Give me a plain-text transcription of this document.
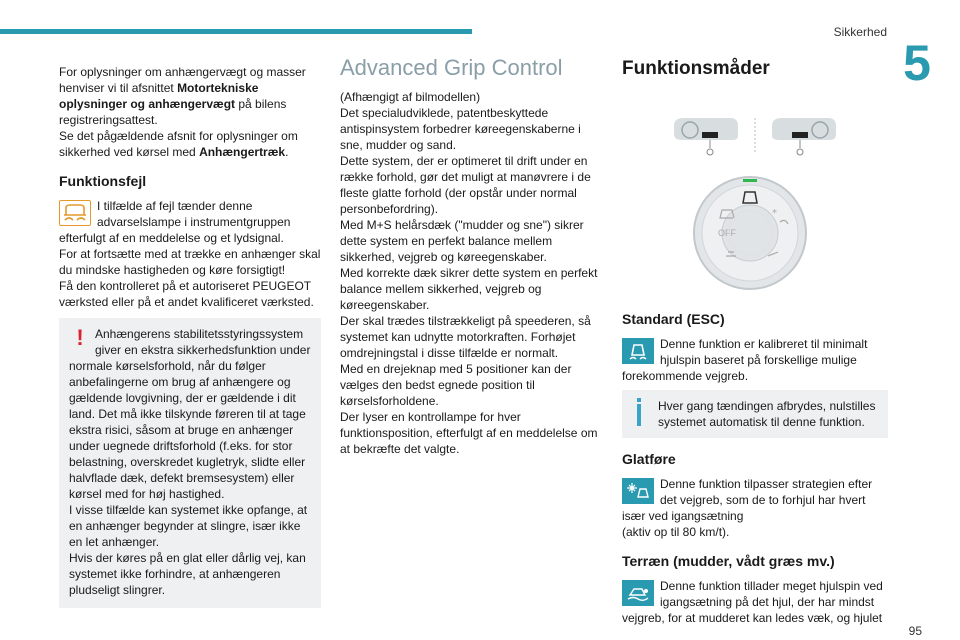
Sikkerhed
5
95

For oplysninger om anhængervægt og masser henviser vi til afsnittet Motortekniske oplysninger og anhængervægt på bilens registreringsattest.

Se det pågældende afsnit for oplysninger om sikkerhed ved kørsel med Anhængertræk.

Funktionsfejl

I tilfælde af fejl tænder denne advarselslampe i instrumentgruppen efterfulgt af en meddelelse og et lydsignal.

For at fortsætte med at trække en anhænger skal du mindske hastigheden og køre forsigtigt!

Få den kontrolleret på et autoriseret PEUGEOT værksted eller på et andet kvalificeret værksted.

! Anhængerens stabilitetsstyringssystem giver en ekstra sikkerhedsfunktion under normale kørselsforhold, når du følger anbefalingerne om brug af anhængere og gældende lovgivning, der er gældende i dit land. Det må ikke tilskynde føreren til at tage ekstra risici, såsom at bruge en anhænger under uegnede driftsforhold (f.eks. for stor belastning, overskredet kugletryk, slidte eller halvflade dæk, defekt bremsesystem) eller kørsel med for høj hastighed.

I visse tilfælde kan systemet ikke opfange, at en anhænger begynder at slingre, især ikke en let anhænger.

Hvis der køres på en glat eller dårlig vej, kan systemet ikke forhindre, at anhængeren pludseligt slingrer.

Advanced Grip Control

(Afhængigt af bilmodellen)

Det specialudviklede, patentbeskyttede antispinsystem forbedrer køreegenskaberne i sne, mudder og sand.

Dette system, der er optimeret til drift under en række forhold, gør det muligt at manøvrere i de fleste glatte forhold (der opstår under normal personbefordring).

Med M+S helårsdæk ("mudder og sne") sikrer dette system en perfekt balance mellem sikkerhed, vejgreb og køreegenskaber.

Med korrekte dæk sikrer dette system en perfekt balance mellem sikkerhed, vejgreb og køreegenskaber.

Der skal trædes tilstrækkeligt på speederen, så systemet kan udnytte motorkraften. Forhøjet omdrejningstal i disse tilfælde er normalt.

Med en drejeknap med 5 positioner kan der vælges den bedst egnede position til kørselsforholdene.

Der lyser en kontrollampe for hver funktionsposition, efterfulgt af en meddelelse om at bekræfte det valgte.

Funktionsmåder
OFF
*
Standard (ESC)

Denne funktion er kalibreret til minimalt hjulspin baseret på forskellige mulige forekommende vejgreb.

Hver gang tændingen afbrydes, nulstilles systemet automatisk til denne funktion.

Glatføre

Denne funktion tilpasser strategien efter det vejgreb, som de to forhjul har hvert især ved igangsætning

(aktiv op til 80 km/t).

Terræn (mudder, vådt græs mv.)

Denne funktion tillader meget hjulspin ved igangsætning på det hjul, der har mindst vejgreb, for at mudderet kan ledes væk, og hjulet
